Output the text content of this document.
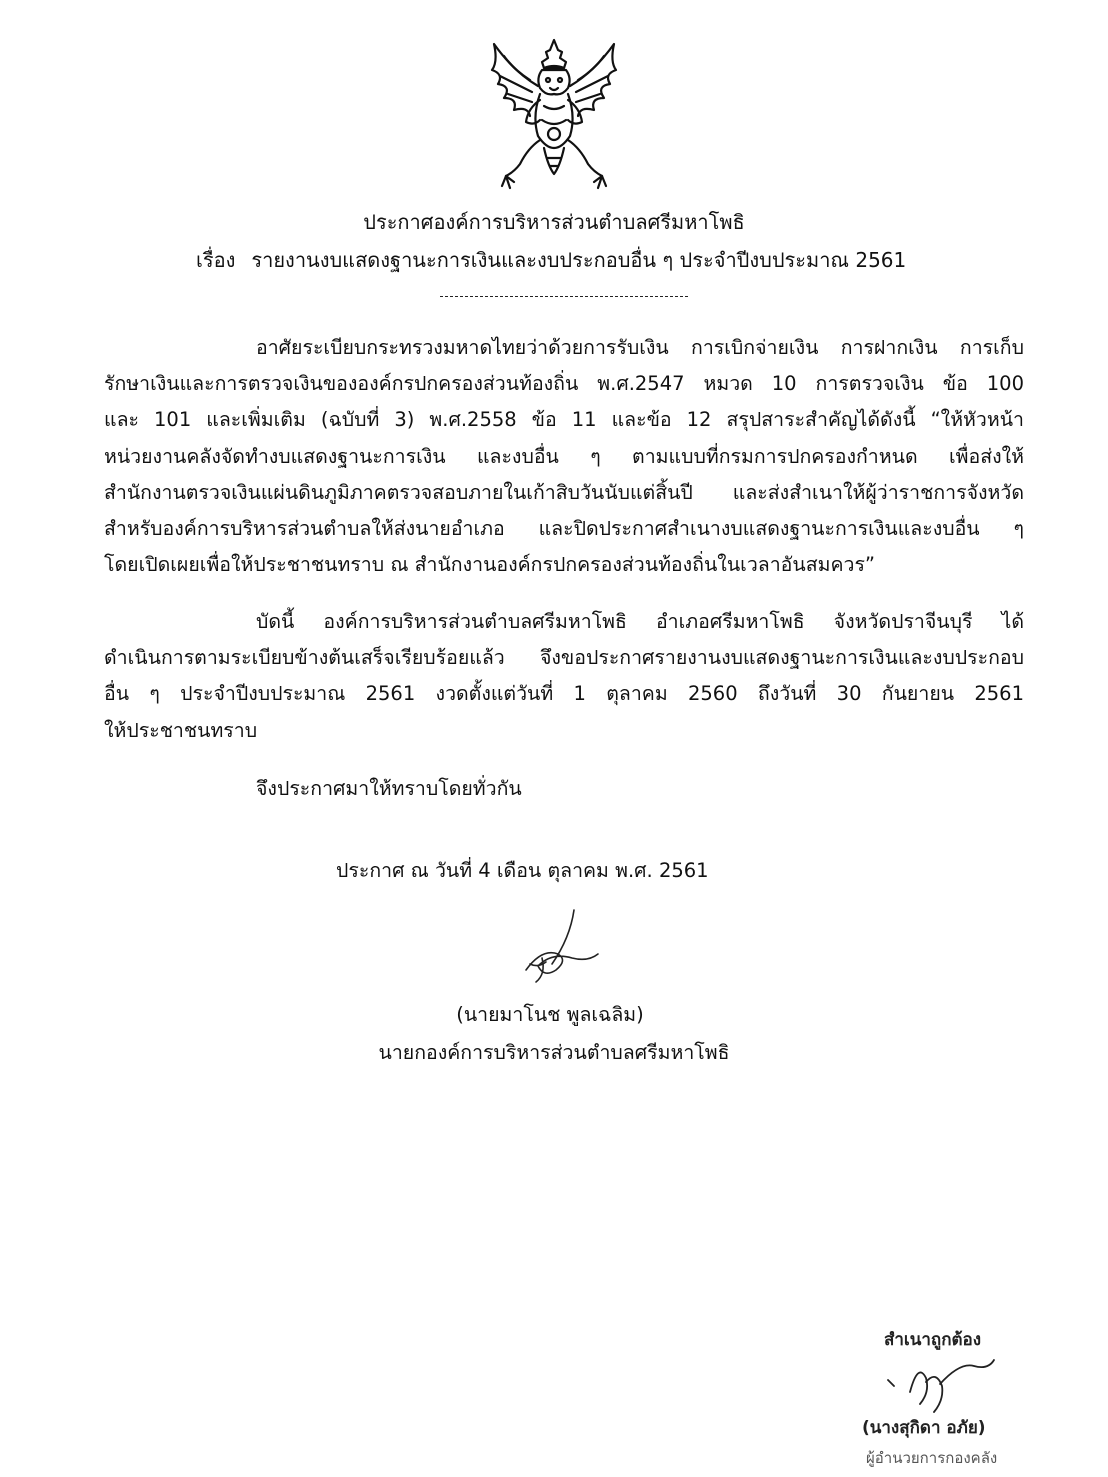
ประกาศองค์การบริหารส่วนตำบลศรีมหาโพธิ
เรื่อง รายงานงบแสดงฐานะการเงินและงบประกอบอื่น ๆ ประจำปีงบประมาณ 2561
อาศัยระเบียบกระทรวงมหาดไทยว่าด้วยการรับเงิน การเบิกจ่ายเงิน การฝากเงิน การเก็บ
รักษาเงินและการตรวจเงินขององค์กรปกครองส่วนท้องถิ่น พ.ศ.2547 หมวด 10 การตรวจเงิน ข้อ 100
และ 101 และเพิ่มเติม (ฉบับที่ 3) พ.ศ.2558 ข้อ 11 และข้อ 12 สรุปสาระสำคัญได้ดังนี้ “ให้หัวหน้า
หน่วยงานคลังจัดทำงบแสดงฐานะการเงิน และงบอื่น ๆ ตามแบบที่กรมการปกครองกำหนด เพื่อส่งให้
สำนักงานตรวจเงินแผ่นดินภูมิภาคตรวจสอบภายในเก้าสิบวันนับแต่สิ้นปี และส่งสำเนาให้ผู้ว่าราชการจังหวัด
สำหรับองค์การบริหารส่วนตำบลให้ส่งนายอำเภอ และปิดประกาศสำเนางบแสดงฐานะการเงินและงบอื่น ๆ
โดยเปิดเผยเพื่อให้ประชาชนทราบ ณ สำนักงานองค์กรปกครองส่วนท้องถิ่นในเวลาอันสมควร”
บัดนี้ องค์การบริหารส่วนตำบลศรีมหาโพธิ อำเภอศรีมหาโพธิ จังหวัดปราจีนบุรี ได้
ดำเนินการตามระเบียบข้างต้นเสร็จเรียบร้อยแล้ว จึงขอประกาศรายงานงบแสดงฐานะการเงินและงบประกอบ
อื่น ๆ ประจำปีงบประมาณ 2561 งวดตั้งแต่วันที่ 1 ตุลาคม 2560 ถึงวันที่ 30 กันยายน 2561
ให้ประชาชนทราบ
จึงประกาศมาให้ทราบโดยทั่วกัน
ประกาศ ณ วันที่ 4 เดือน ตุลาคม พ.ศ. 2561
(นายมาโนช พูลเฉลิม)
นายกองค์การบริหารส่วนตำบลศรีมหาโพธิ
สำเนาถูกต้อง
(นางสุกิดา อภัย)
ผู้อำนวยการกองคลัง
